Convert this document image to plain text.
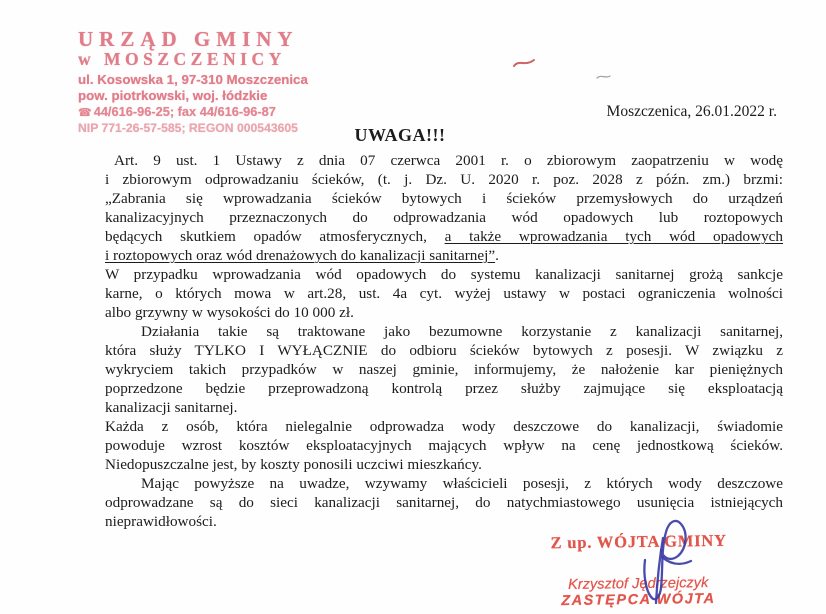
URZĄD GMINY
w MOSZCZENICY
ul. Kosowska 1, 97-310 Moszczenica
pow. piotrkowski, woj. łódzkie
☎ 44/616-96-25; fax 44/616-96-87
NIP 771-26-57-585; REGON 000543605
Moszczenica, 26.01.2022 r.
UWAGA!!!
Art. 9 ust. 1 Ustawy z dnia 07 czerwca 2001 r. o zbiorowym zaopatrzeniu w wodę
i zbiorowym odprowadzaniu ścieków, (t. j. Dz. U. 2020 r. poz. 2028 z późn. zm.) brzmi:
„Zabrania się wprowadzania ścieków bytowych i ścieków przemysłowych do urządzeń
kanalizacyjnych przeznaczonych do odprowadzania wód opadowych lub roztopowych
będących skutkiem opadów atmosferycznych, a także wprowadzania tych wód opadowych
i roztopowych oraz wód drenażowych do kanalizacji sanitarnej”.
W przypadku wprowadzania wód opadowych do systemu kanalizacji sanitarnej grożą sankcje
karne, o których mowa w art.28, ust. 4a cyt. wyżej ustawy w postaci ograniczenia wolności
albo grzywny w wysokości do 10 000 zł.
Działania takie są traktowane jako bezumowne korzystanie z kanalizacji sanitarnej,
która służy TYLKO I WYŁĄCZNIE do odbioru ścieków bytowych z posesji. W związku z
wykryciem takich przypadków w naszej gminie, informujemy, że nałożenie kar pieniężnych
poprzedzone będzie przeprowadzoną kontrolą przez służby zajmujące się eksploatacją
kanalizacji sanitarnej.
Każda z osób, która nielegalnie odprowadza wody deszczowe do kanalizacji, świadomie
powoduje wzrost kosztów eksploatacyjnych mających wpływ na cenę jednostkową ścieków.
Niedopuszczalne jest, by koszty ponosili uczciwi mieszkańcy.
Mając powyższe na uwadze, wzywamy właścicieli posesji, z których wody deszczowe
odprowadzane są do sieci kanalizacji sanitarnej, do natychmiastowego usunięcia istniejących
nieprawidłowości.
Z up. WÓJTA GMINY
Krzysztof Jędrzejczyk
ZASTĘPCA WÓJTA
